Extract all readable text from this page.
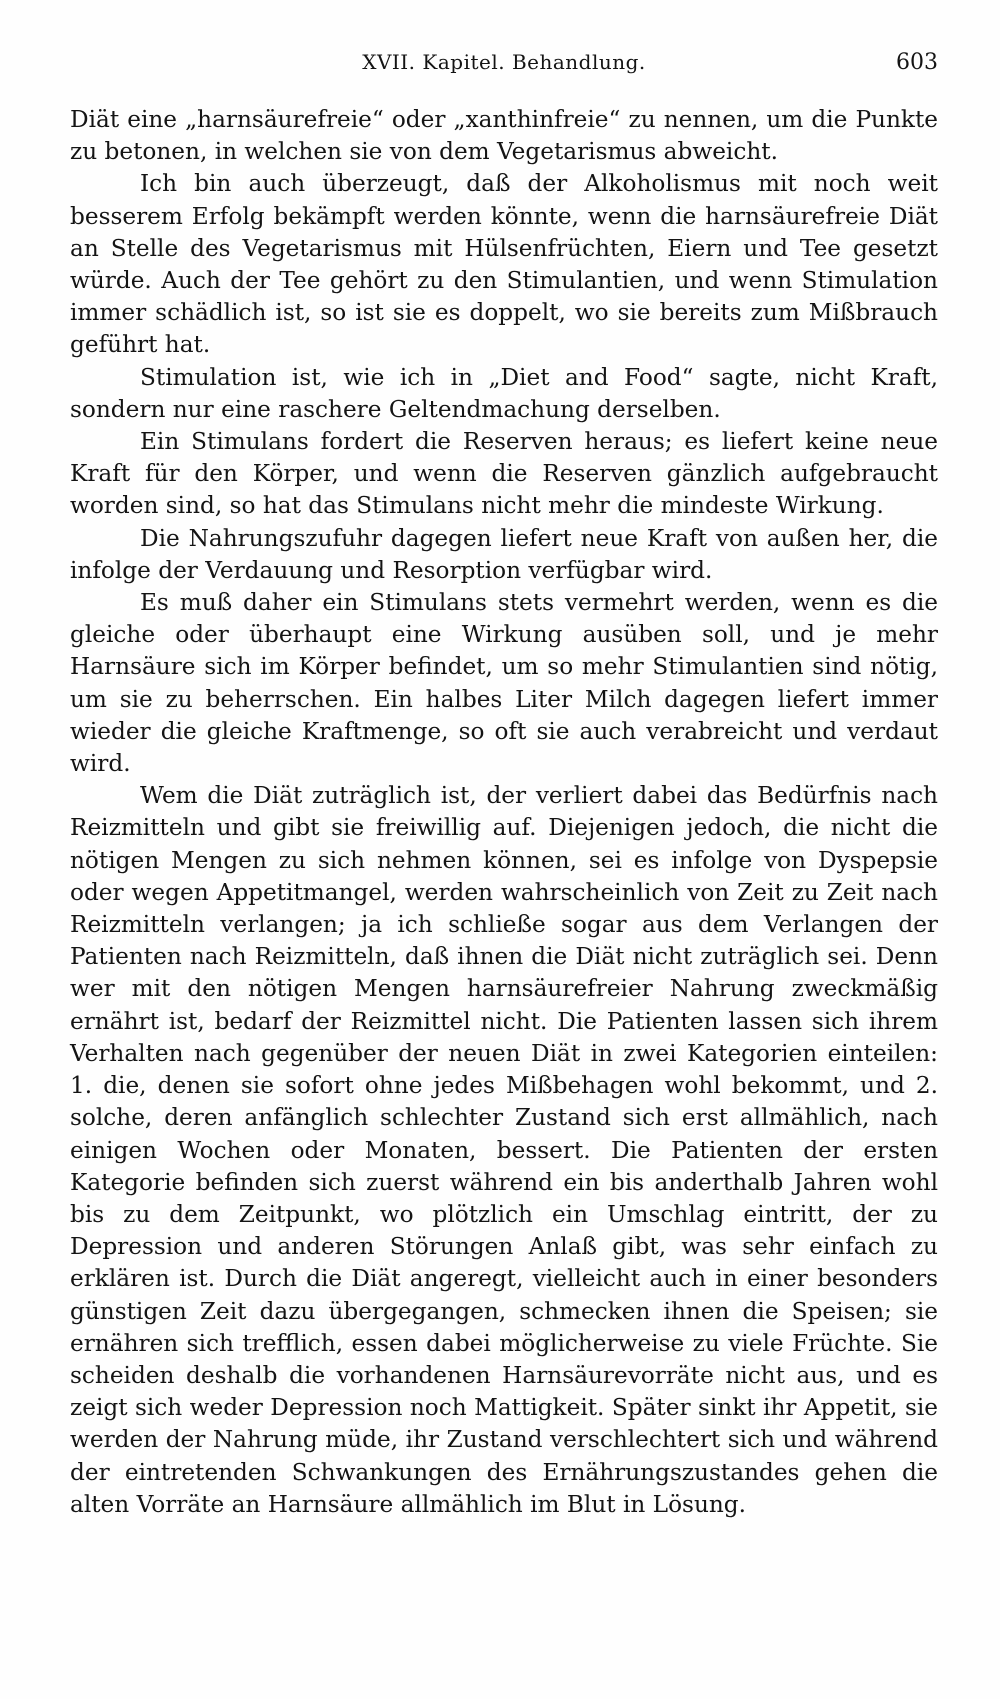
XVII. Kapitel. Behandlung.	603

Diät eine „harnsäurefreie“ oder „xanthinfreie“ zu nennen, um die Punkte zu betonen, in welchen sie von dem Vegetarismus abweicht.

Ich bin auch überzeugt, daß der Alkoholismus mit noch weit besserem Erfolg bekämpft werden könnte, wenn die harnsäurefreie Diät an Stelle des Vegetarismus mit Hülsenfrüchten, Eiern und Tee gesetzt würde. Auch der Tee gehört zu den Stimulantien, und wenn Stimulation immer schädlich ist, so ist sie es doppelt, wo sie bereits zum Mißbrauch geführt hat.

Stimulation ist, wie ich in „Diet and Food“ sagte, nicht Kraft, sondern nur eine raschere Geltendmachung derselben.

Ein Stimulans fordert die Reserven heraus; es liefert keine neue Kraft für den Körper, und wenn die Reserven gänzlich aufgebraucht worden sind, so hat das Stimulans nicht mehr die mindeste Wirkung.

Die Nahrungszufuhr dagegen liefert neue Kraft von außen her, die infolge der Verdauung und Resorption verfügbar wird.

Es muß daher ein Stimulans stets vermehrt werden, wenn es die gleiche oder überhaupt eine Wirkung ausüben soll, und je mehr Harnsäure sich im Körper befindet, um so mehr Stimulantien sind nötig, um sie zu beherrschen. Ein halbes Liter Milch dagegen liefert immer wieder die gleiche Kraftmenge, so oft sie auch verabreicht und verdaut wird.

Wem die Diät zuträglich ist, der verliert dabei das Bedürfnis nach Reizmitteln und gibt sie freiwillig auf. Diejenigen jedoch, die nicht die nötigen Mengen zu sich nehmen können, sei es infolge von Dyspepsie oder wegen Appetitmangel, werden wahrscheinlich von Zeit zu Zeit nach Reizmitteln verlangen; ja ich schließe sogar aus dem Verlangen der Patienten nach Reizmitteln, daß ihnen die Diät nicht zuträglich sei. Denn wer mit den nötigen Mengen harnsäurefreier Nahrung zweckmäßig ernährt ist, bedarf der Reizmittel nicht. Die Patienten lassen sich ihrem Verhalten nach gegenüber der neuen Diät in zwei Kategorien einteilen: 1. die, denen sie sofort ohne jedes Mißbehagen wohl bekommt, und 2. solche, deren anfänglich schlechter Zustand sich erst allmählich, nach einigen Wochen oder Monaten, bessert. Die Patienten der ersten Kategorie befinden sich zuerst während ein bis anderthalb Jahren wohl bis zu dem Zeitpunkt, wo plötzlich ein Umschlag eintritt, der zu Depression und anderen Störungen Anlaß gibt, was sehr einfach zu erklären ist. Durch die Diät angeregt, vielleicht auch in einer besonders günstigen Zeit dazu übergegangen, schmecken ihnen die Speisen; sie ernähren sich trefflich, essen dabei möglicherweise zu viele Früchte. Sie scheiden deshalb die vorhandenen Harnsäurevorräte nicht aus, und es zeigt sich weder Depression noch Mattigkeit. Später sinkt ihr Appetit, sie werden der Nahrung müde, ihr Zustand verschlechtert sich und während der eintretenden Schwankungen des Ernährungszustandes gehen die alten Vorräte an Harnsäure allmählich im Blut in Lösung.
